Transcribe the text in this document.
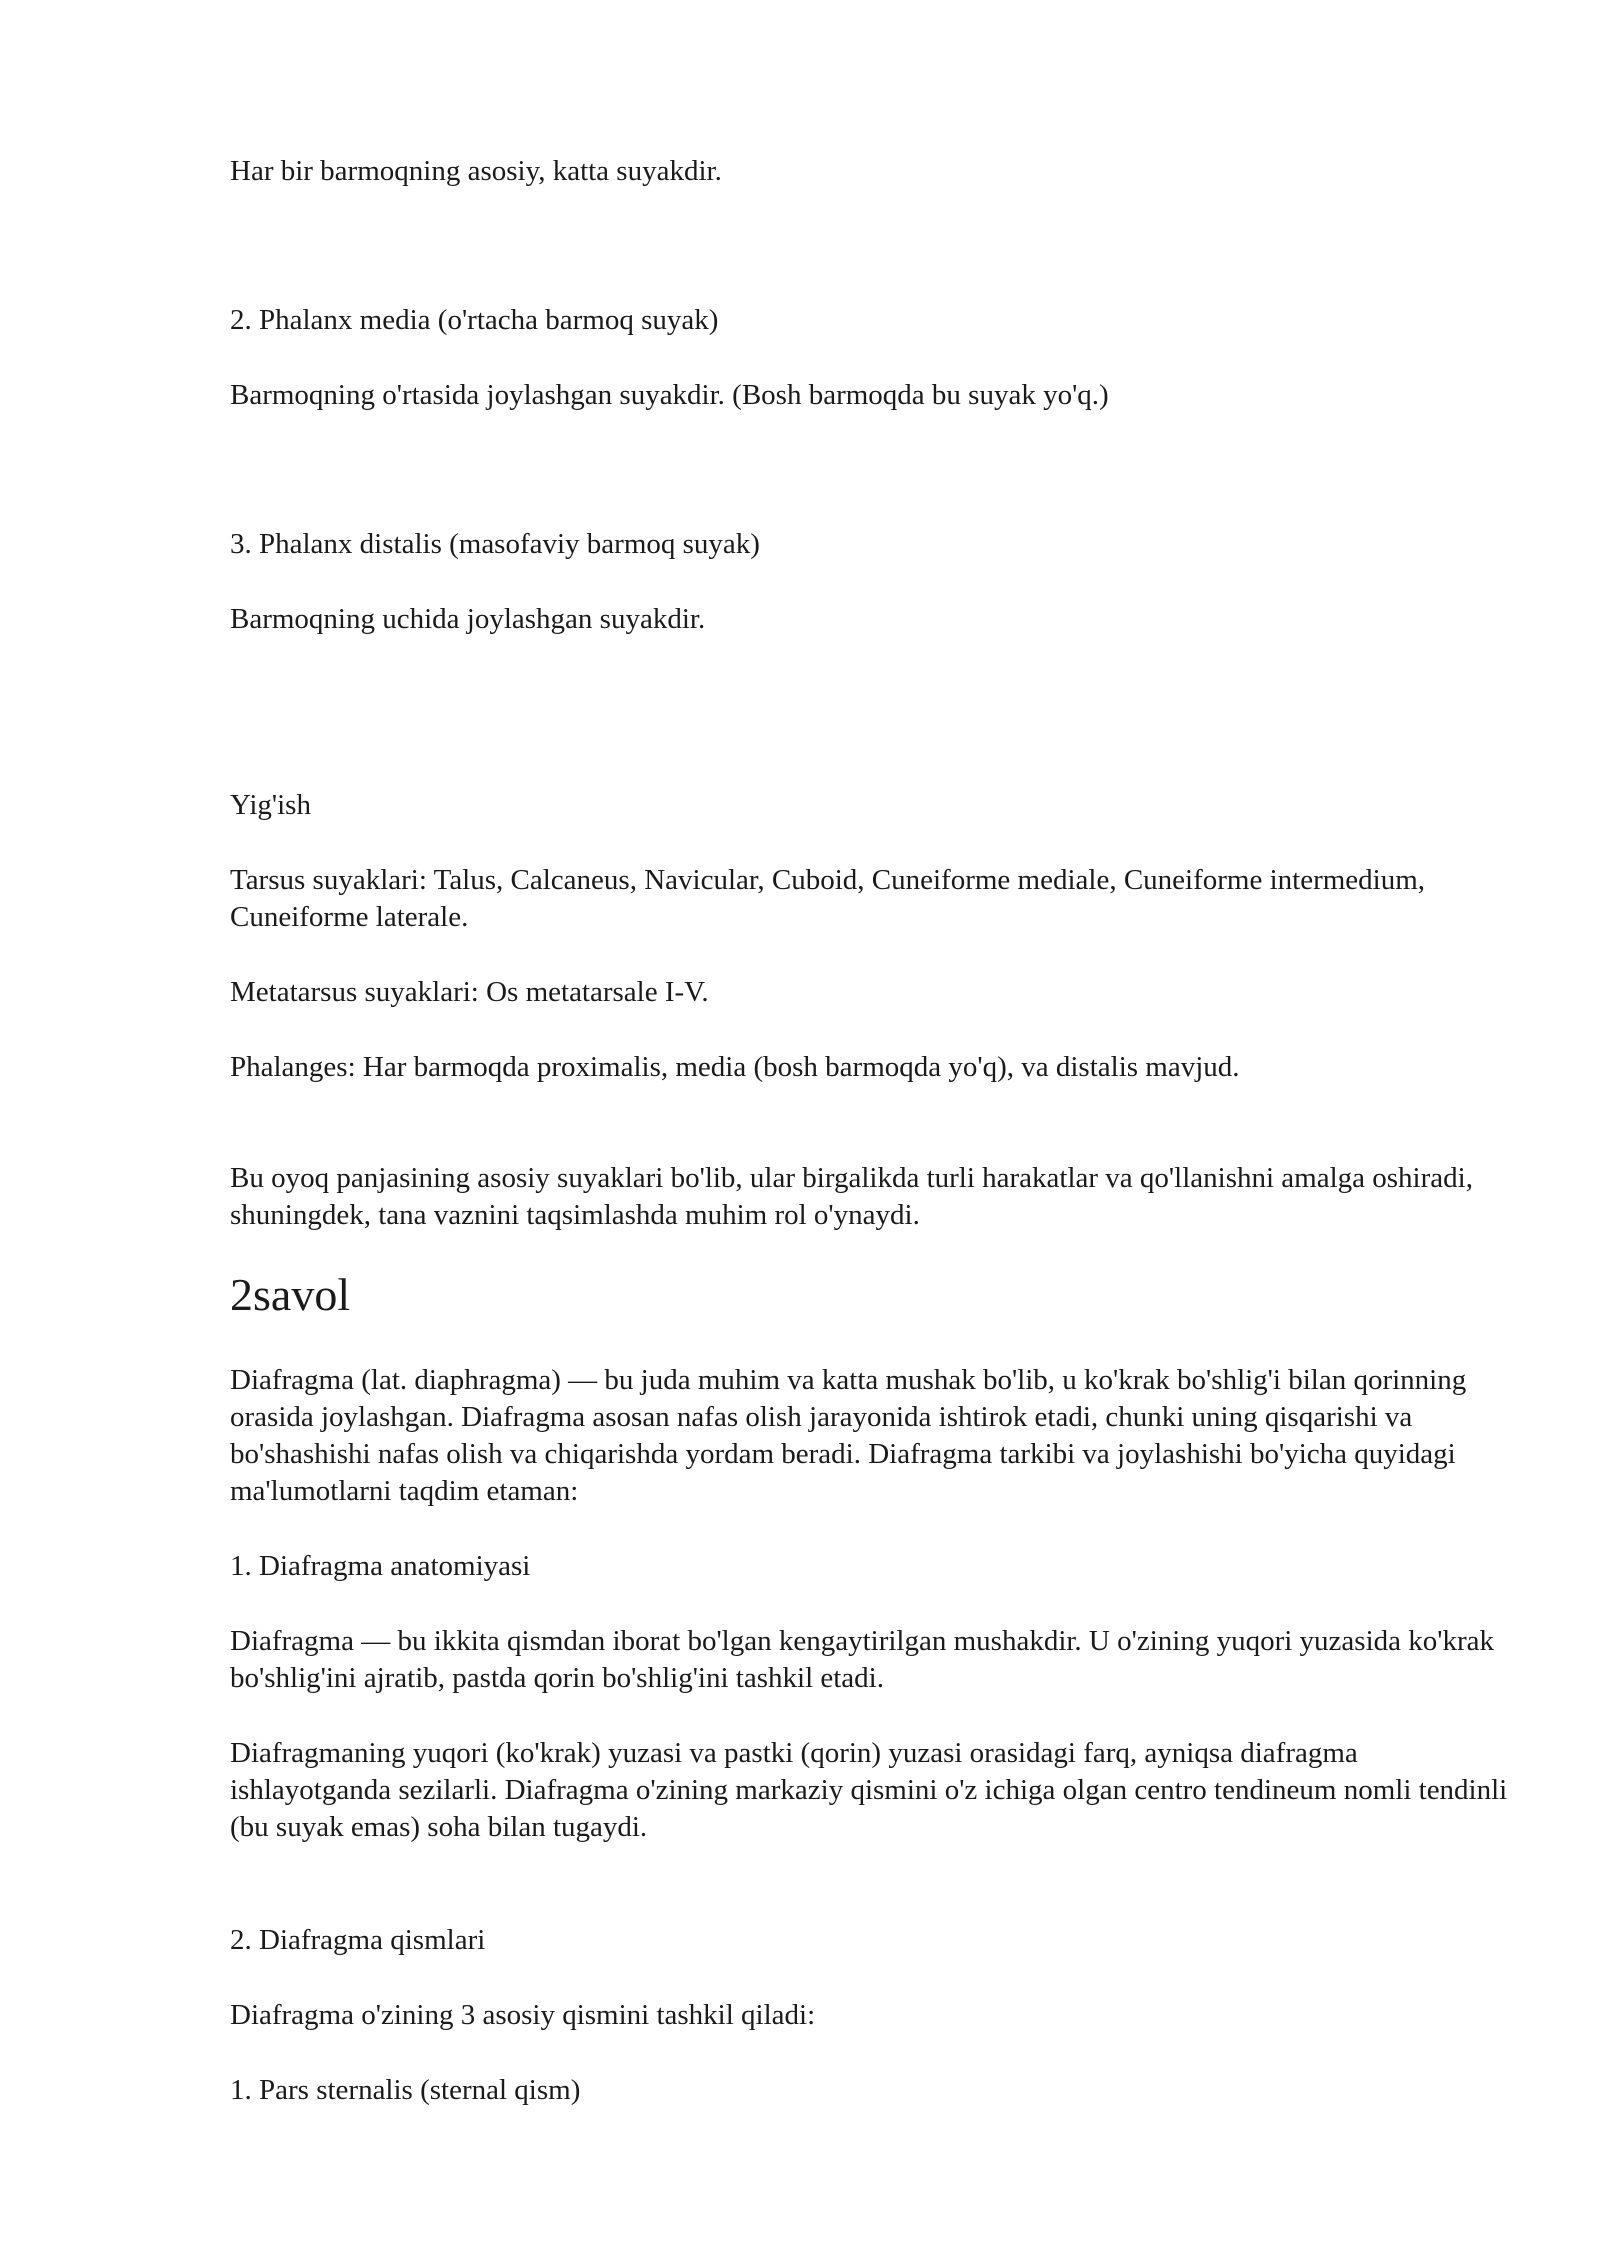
Har bir barmoqning asosiy, katta suyakdir.

2. Phalanx media (o'rtacha barmoq suyak)

Barmoqning o'rtasida joylashgan suyakdir. (Bosh barmoqda bu suyak yo'q.)

3. Phalanx distalis (masofaviy barmoq suyak)

Barmoqning uchida joylashgan suyakdir.

Yig'ish

Tarsus suyaklari: Talus, Calcaneus, Navicular, Cuboid, Cuneiforme mediale, Cuneiforme intermedium, Cuneiforme laterale.

Metatarsus suyaklari: Os metatarsale I-V.

Phalanges: Har barmoqda proximalis, media (bosh barmoqda yo'q), va distalis mavjud.

Bu oyoq panjasining asosiy suyaklari bo'lib, ular birgalikda turli harakatlar va qo'llanishni amalga oshiradi, shuningdek, tana vaznini taqsimlashda muhim rol o'ynaydi.

2savol

Diafragma (lat. diaphragma) — bu juda muhim va katta mushak bo'lib, u ko'krak bo'shlig'i bilan qorinning orasida joylashgan. Diafragma asosan nafas olish jarayonida ishtirok etadi, chunki uning qisqarishi va bo'shashishi nafas olish va chiqarishda yordam beradi. Diafragma tarkibi va joylashishi bo'yicha quyidagi ma'lumotlarni taqdim etaman:

1. Diafragma anatomiyasi

Diafragma — bu ikkita qismdan iborat bo'lgan kengaytirilgan mushakdir. U o'zining yuqori yuzasida ko'krak bo'shlig'ini ajratib, pastda qorin bo'shlig'ini tashkil etadi.

Diafragmaning yuqori (ko'krak) yuzasi va pastki (qorin) yuzasi orasidagi farq, ayniqsa diafragma ishlayotganda sezilarli. Diafragma o'zining markaziy qismini o'z ichiga olgan centro tendineum nomli tendinli (bu suyak emas) soha bilan tugaydi.

2. Diafragma qismlari

Diafragma o'zining 3 asosiy qismini tashkil qiladi:

1. Pars sternalis (sternal qism)
